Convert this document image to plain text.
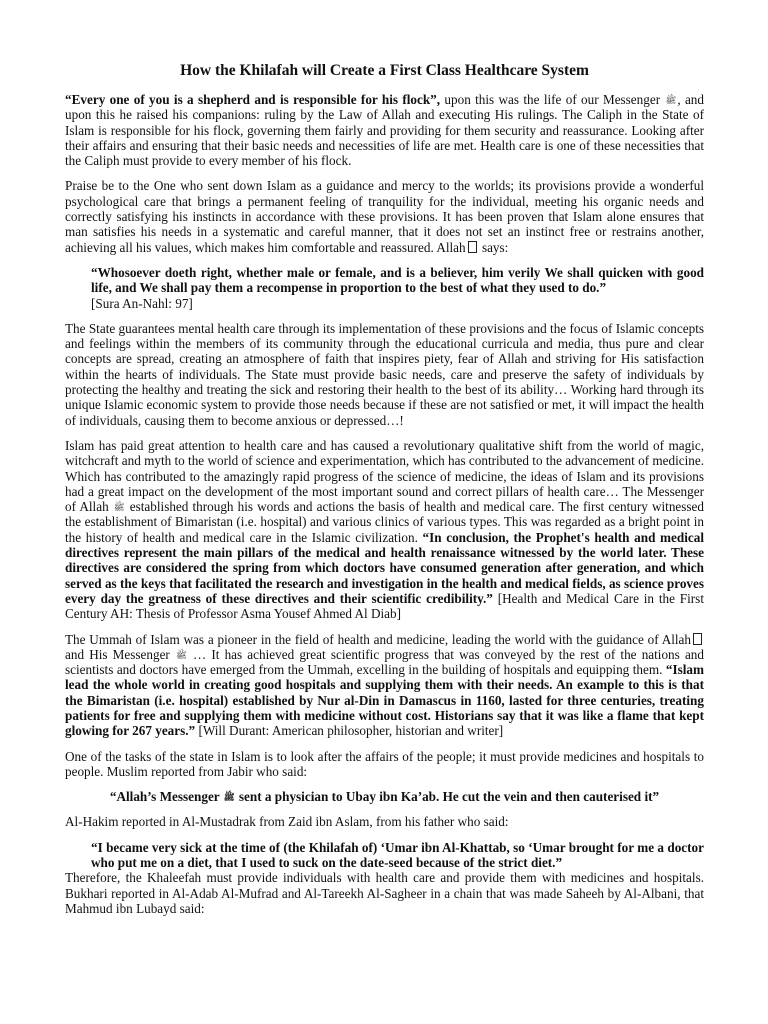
How the Khilafah will Create a First Class Healthcare System

“Every one of you is a shepherd and is responsible for his flock”, upon this was the life of our Messenger ﷺ, and upon this he raised his companions: ruling by the Law of Allah and executing His rulings. The Caliph in the State of Islam is responsible for his flock, governing them fairly and providing for them security and reassurance. Looking after their affairs and ensuring that their basic needs and necessities of life are met. Health care is one of these necessities that the Caliph must provide to every member of his flock.

Praise be to the One who sent down Islam as a guidance and mercy to the worlds; its provisions provide a wonderful psychological care that brings a permanent feeling of tranquility for the individual, meeting his organic needs and correctly satisfying his instincts in accordance with these provisions. It has been proven that Islam alone ensures that man satisfies his needs in a systematic and careful manner, that it does not set an instinct free or restrains another, achieving all his values, which makes him comfortable and reassured. Allah says:

“Whosoever doeth right, whether male or female, and is a believer, him verily We shall quicken with good life, and We shall pay them a recompense in proportion to the best of what they used to do.”
[Sura An-Nahl: 97]

The State guarantees mental health care through its implementation of these provisions and the focus of Islamic concepts and feelings within the members of its community through the educational curricula and media, thus pure and clear concepts are spread, creating an atmosphere of faith that inspires piety, fear of Allah and striving for His satisfaction within the hearts of individuals. The State must provide basic needs, care and preserve the safety of individuals by protecting the healthy and treating the sick and restoring their health to the best of its ability… Working hard through its unique Islamic economic system to provide those needs because if these are not satisfied or met, it will impact the health of individuals, causing them to become anxious or depressed…!

Islam has paid great attention to health care and has caused a revolutionary qualitative shift from the world of magic, witchcraft and myth to the world of science and experimentation, which has contributed to the advancement of medicine. Which has contributed to the amazingly rapid progress of the science of medicine, the ideas of Islam and its provisions had a great impact on the development of the most important sound and correct pillars of health care… The Messenger of Allah ﷺ established through his words and actions the basis of health and medical care. The first century witnessed the establishment of Bimaristan (i.e. hospital) and various clinics of various types. This was regarded as a bright point in the history of health and medical care in the Islamic civilization. “In conclusion, the Prophet's health and medical directives represent the main pillars of the medical and health renaissance witnessed by the world later. These directives are considered the spring from which doctors have consumed generation after generation, and which served as the keys that facilitated the research and investigation in the health and medical fields, as science proves every day the greatness of these directives and their scientific credibility.” [Health and Medical Care in the First Century AH: Thesis of Professor Asma Yousef Ahmed Al Diab]

The Ummah of Islam was a pioneer in the field of health and medicine, leading the world with the guidance of Allah and His Messenger ﷺ … It has achieved great scientific progress that was conveyed by the rest of the nations and scientists and doctors have emerged from the Ummah, excelling in the building of hospitals and equipping them. “Islam lead the whole world in creating good hospitals and supplying them with their needs. An example to this is that the Bimaristan (i.e. hospital) established by Nur al-Din in Damascus in 1160, lasted for three centuries, treating patients for free and supplying them with medicine without cost. Historians say that it was like a flame that kept glowing for 267 years.” [Will Durant: American philosopher, historian and writer]

One of the tasks of the state in Islam is to look after the affairs of the people; it must provide medicines and hospitals to people. Muslim reported from Jabir who said:

“Allah’s Messenger ﷺ sent a physician to Ubay ibn Ka’ab. He cut the vein and then cauterised it”

Al-Hakim reported in Al-Mustadrak from Zaid ibn Aslam, from his father who said:

“I became very sick at the time of (the Khilafah of) ‘Umar ibn Al-Khattab, so ‘Umar brought for me a doctor who put me on a diet, that I used to suck on the date-seed because of the strict diet.”

Therefore, the Khaleefah must provide individuals with health care and provide them with medicines and hospitals. Bukhari reported in Al-Adab Al-Mufrad and Al-Tareekh Al-Sagheer in a chain that was made Saheeh by Al-Albani, that Mahmud ibn Lubayd said:
